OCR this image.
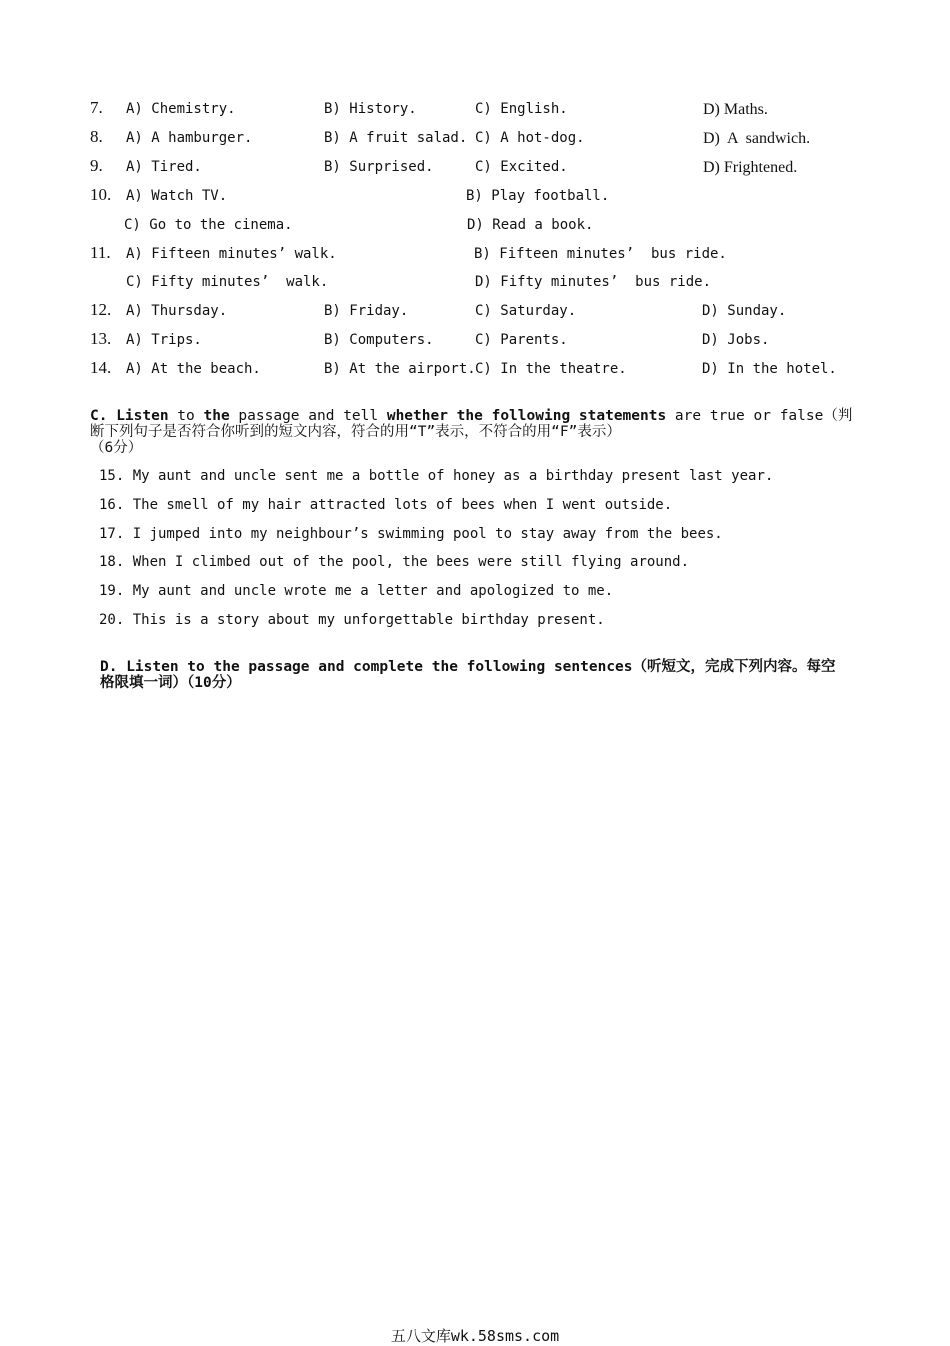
7. A) Chemistry.	B) History.	C) English.	D) Maths.
8. A) A hamburger.	B) A fruit salad. C) A hot-dog.	D)  A  sandwich.
9. A) Tired.	B) Surprised.	C) Excited.	D) Frightened.
10. A) Watch TV.	B) Play football.
C) Go to the cinema.	D) Read a book.
11. A) Fifteen minutes’ walk.	B) Fifteen minutes’  bus ride.
C) Fifty minutes’  walk.	D) Fifty minutes’  bus ride.
12. A) Thursday.	B) Friday.	C) Saturday.	D) Sunday.
13. A) Trips.	B) Computers.	C) Parents.	D) Jobs.
14. A) At the beach.	B) At the airport. C) In the theatre.	D) In the hotel.
C. Listen to the passage and tell whether the following statements are true or false（判
断下列句子是否符合你听到的短文内容，符合的用“T”表示，不符合的用“F”表示）
（6分）
15. My aunt and uncle sent me a bottle of honey as a birthday present last year.
16. The smell of my hair attracted lots of bees when I went outside.
17. I jumped into my neighbour’s swimming pool to stay away from the bees.
18. When I climbed out of the pool, the bees were still flying around.
19. My aunt and uncle wrote me a letter and apologized to me.
20. This is a story about my unforgettable birthday present.
D. Listen to the passage and complete the following sentences（听短文，完成下列内容。每空
格限填一词）（10分）
五八文库wk.58sms.com
